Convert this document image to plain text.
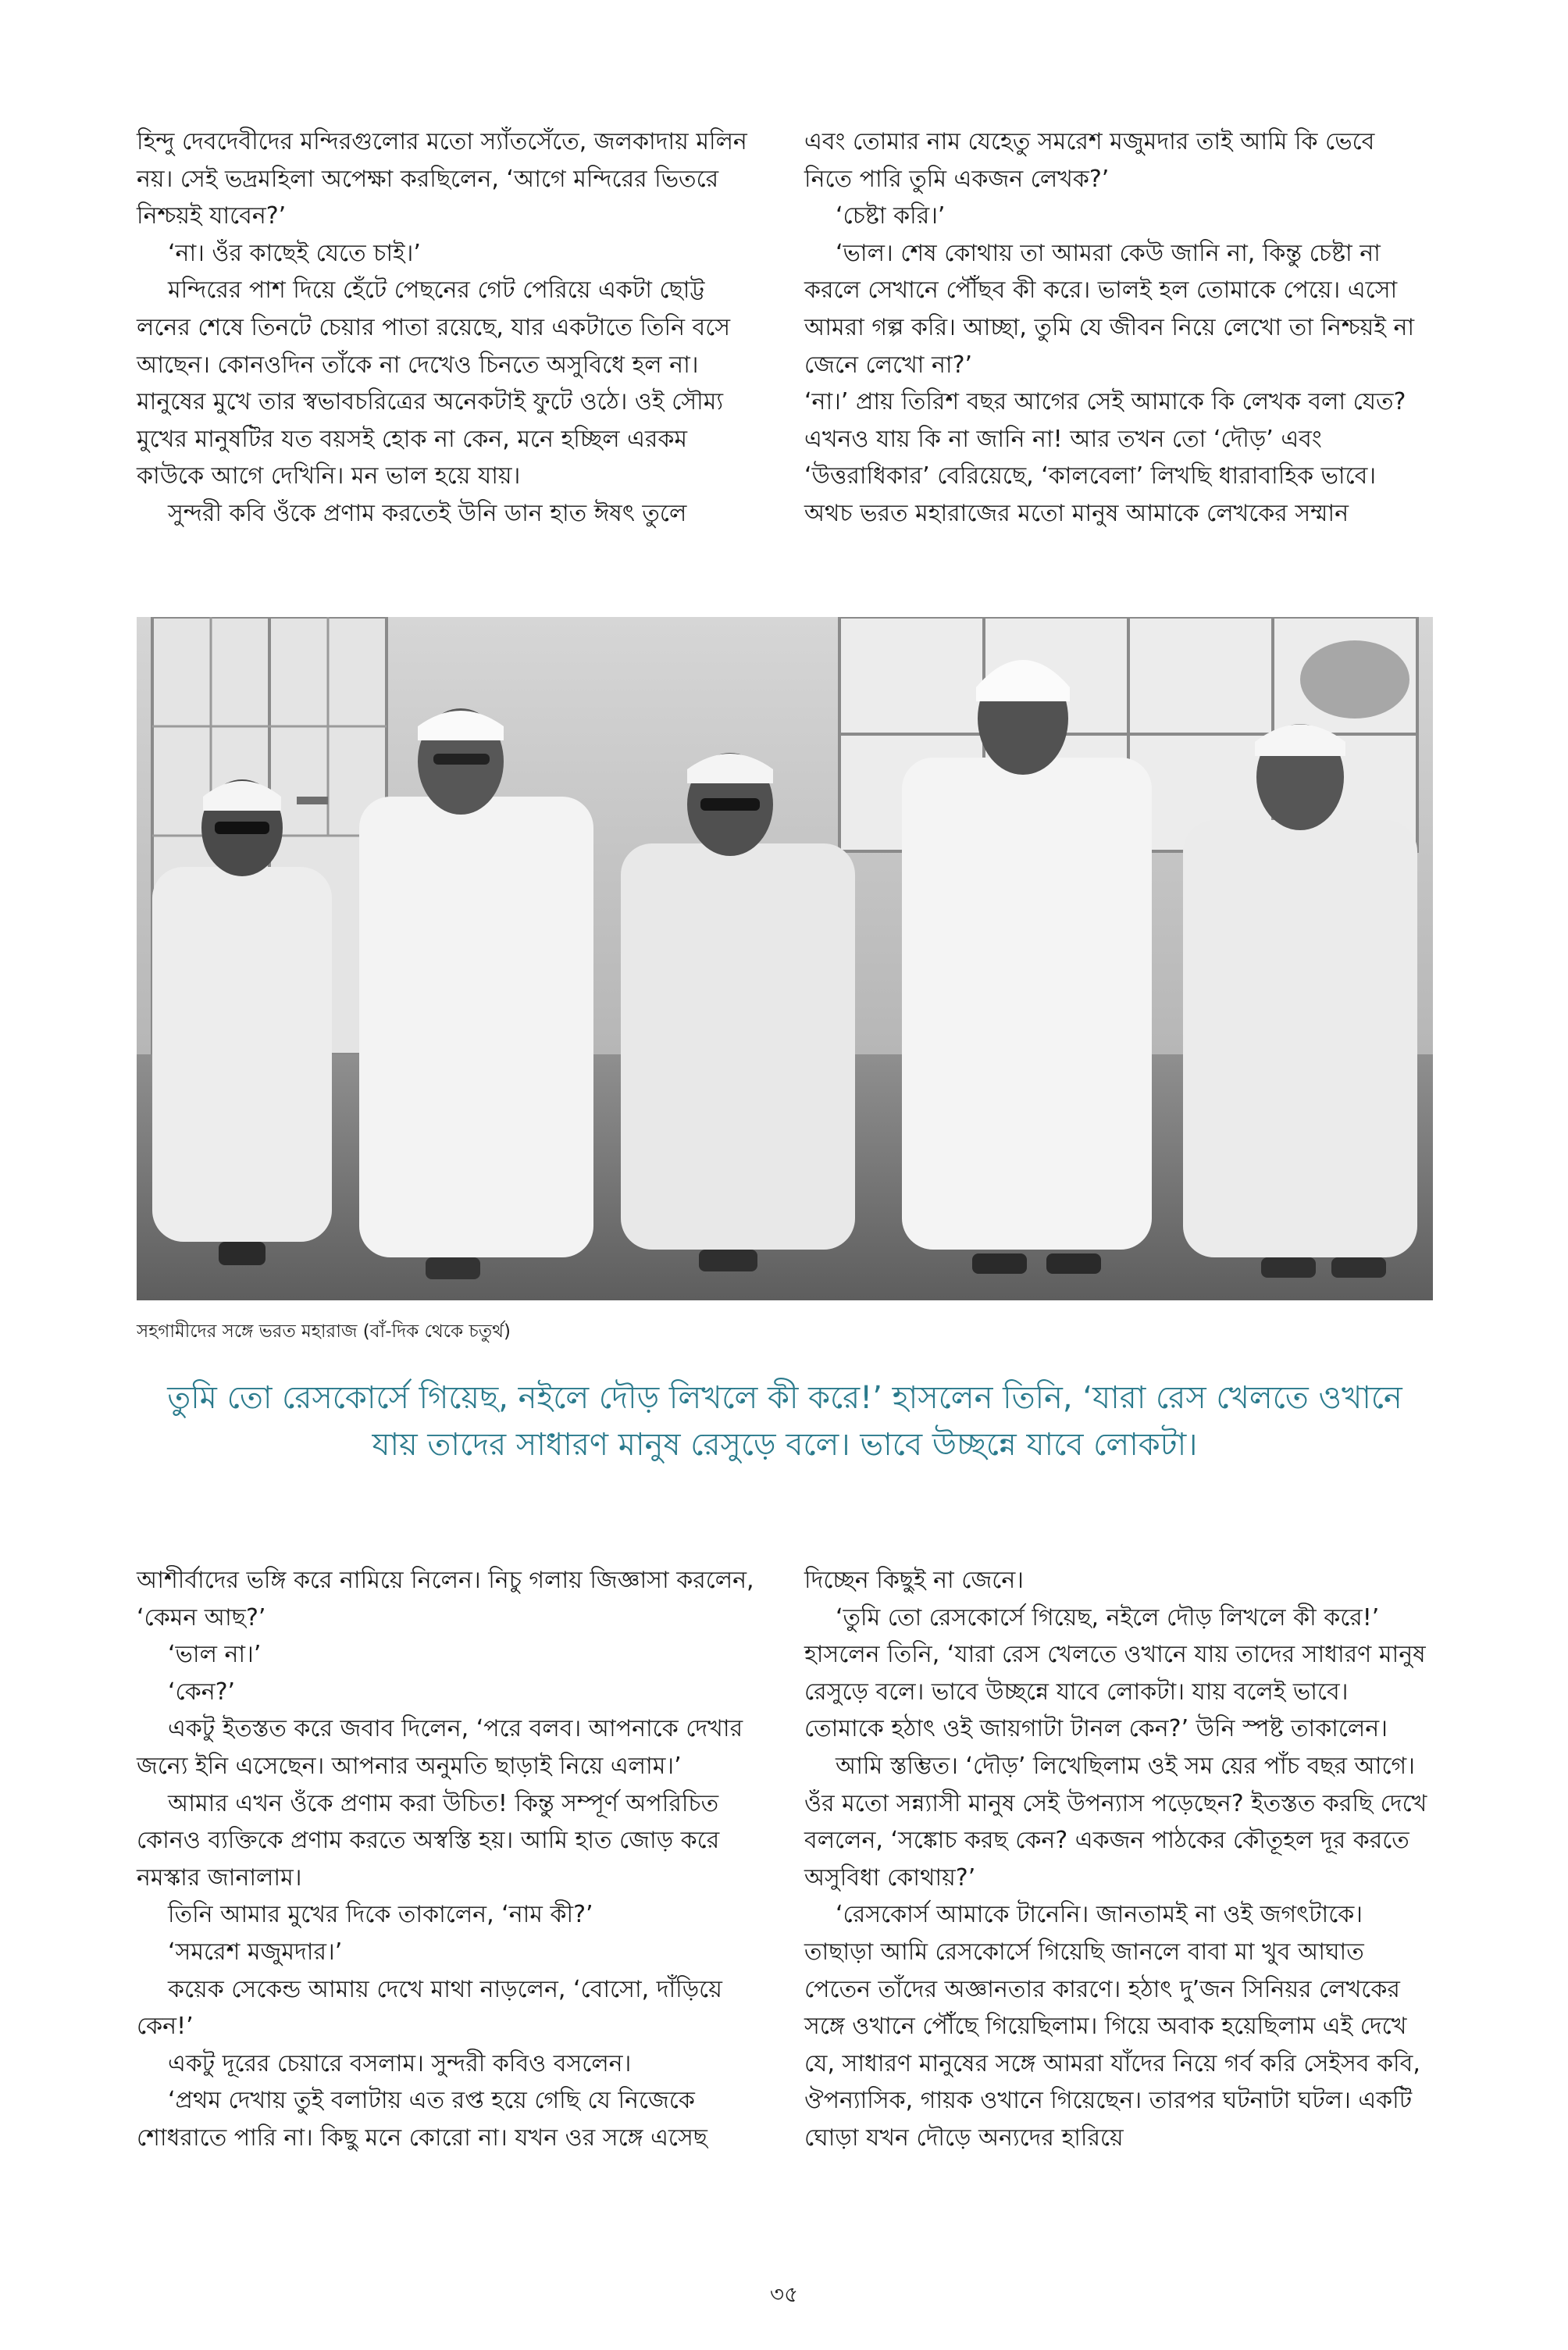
হিন্দু দেবদেবীদের মন্দিরগুলোর মতো স্যাঁতসেঁতে, জলকাদায় মলিন নয়। সেই ভদ্রমহিলা অপেক্ষা করছিলেন, ‘আগে মন্দিরের ভিতরে নিশ্চয়ই যাবেন?’

‘না। ওঁর কাছেই যেতে চাই।’

মন্দিরের পাশ দিয়ে হেঁটে পেছনের গেট পেরিয়ে একটা ছোট্ট লনের শেষে তিনটে চেয়ার পাতা রয়েছে, যার একটাতে তিনি বসে আছেন। কোনওদিন তাঁকে না দেখেও চিনতে অসুবিধে হল না। মানুষের মুখে তার স্বভাবচরিত্রের অনেকটাই ফুটে ওঠে। ওই সৌম্য মুখের মানুষটির যত বয়সই হোক না কেন, মনে হচ্ছিল এরকম কাউকে আগে দেখিনি। মন ভাল হয়ে যায়।

সুন্দরী কবি ওঁকে প্রণাম করতেই উনি ডান হাত ঈষৎ তুলে

এবং তোমার নাম যেহেতু সমরেশ মজুমদার তাই আমি কি ভেবে নিতে পারি তুমি একজন লেখক?’

‘চেষ্টা করি।’

‘ভাল। শেষ কোথায় তা আমরা কেউ জানি না, কিন্তু চেষ্টা না করলে সেখানে পৌঁছব কী করে। ভালই হল তোমাকে পেয়ে। এসো আমরা গল্প করি। আচ্ছা, তুমি যে জীবন নিয়ে লেখো তা নিশ্চয়ই না জেনে লেখো না?’

‘না।’ প্রায় তিরিশ বছর আগের সেই আমাকে কি লেখক বলা যেত? এখনও যায় কি না জানি না! আর তখন তো ‘দৌড়’ এবং ‘উত্তরাধিকার’ বেরিয়েছে, ‘কালবেলা’ লিখছি ধারাবাহিক ভাবে। অথচ ভরত মহারাজের মতো মানুষ আমাকে লেখকের সম্মান

সহগামীদের সঙ্গে ভরত মহারাজ (বাঁ-দিক থেকে চতুর্থ)
তুমি তো রেসকোর্সে গিয়েছ, নইলে দৌড় লিখলে কী করে!’ হাসলেন তিনি, ‘যারা রেস খেলতে ওখানে
যায় তাদের সাধারণ মানুষ রেসুড়ে বলে। ভাবে উচ্ছন্নে যাবে লোকটা।

আশীর্বাদের ভঙ্গি করে নামিয়ে নিলেন। নিচু গলায় জিজ্ঞাসা করলেন, ‘কেমন আছ?’

‘ভাল না।’

‘কেন?’

একটু ইতস্তত করে জবাব দিলেন, ‘পরে বলব। আপনাকে দেখার জন্যে ইনি এসেছেন। আপনার অনুমতি ছাড়াই নিয়ে এলাম।’

আমার এখন ওঁকে প্রণাম করা উচিত! কিন্তু সম্পূর্ণ অপরিচিত কোনও ব্যক্তিকে প্রণাম করতে অস্বস্তি হয়। আমি হাত জোড় করে নমস্কার জানালাম।

তিনি আমার মুখের দিকে তাকালেন, ‘নাম কী?’

‘সমরেশ মজুমদার।’

কয়েক সেকেন্ড আমায় দেখে মাথা নাড়লেন, ‘বোসো, দাঁড়িয়ে কেন!’

একটু দূরের চেয়ারে বসলাম। সুন্দরী কবিও বসলেন।

‘প্রথম দেখায় তুই বলাটায় এত রপ্ত হয়ে গেছি যে নিজেকে শোধরাতে পারি না। কিছু মনে কোরো না। যখন ওর সঙ্গে এসেছ

দিচ্ছেন কিছুই না জেনে।

‘তুমি তো রেসকোর্সে গিয়েছ, নইলে দৌড় লিখলে কী করে!’ হাসলেন তিনি, ‘যারা রেস খেলতে ওখানে যায় তাদের সাধারণ মানুষ রেসুড়ে বলে। ভাবে উচ্ছন্নে যাবে লোকটা। যায় বলেই ভাবে। তোমাকে হঠাৎ ওই জায়গাটা টানল কেন?’ উনি স্পষ্ট তাকালেন।

আমি স্তম্ভিত। ‘দৌড়’ লিখেছিলাম ওই সম য়ের পাঁচ বছর আগে। ওঁর মতো সন্ন্যাসী মানুষ সেই উপন্যাস পড়েছেন? ইতস্তত করছি দেখে বললেন, ‘সঙ্কোচ করছ কেন? একজন পাঠকের কৌতূহল দূর করতে অসুবিধা কোথায়?’

‘রেসকোর্স আমাকে টানেনি। জানতামই না ওই জগৎটাকে। তাছাড়া আমি রেসকোর্সে গিয়েছি জানলে বাবা মা খুব আঘাত পেতেন তাঁদের অজ্ঞানতার কারণে। হঠাৎ দু’জন সিনিয়র লেখকের সঙ্গে ওখানে পৌঁছে গিয়েছিলাম। গিয়ে অবাক হয়েছিলাম এই দেখে যে, সাধারণ মানুষের সঙ্গে আমরা যাঁদের নিয়ে গর্ব করি সেইসব কবি, ঔপন্যাসিক, গায়ক ওখানে গিয়েছেন। তারপর ঘটনাটা ঘটল। একটি ঘোড়া যখন দৌড়ে অন্যদের হারিয়ে

৩৫
